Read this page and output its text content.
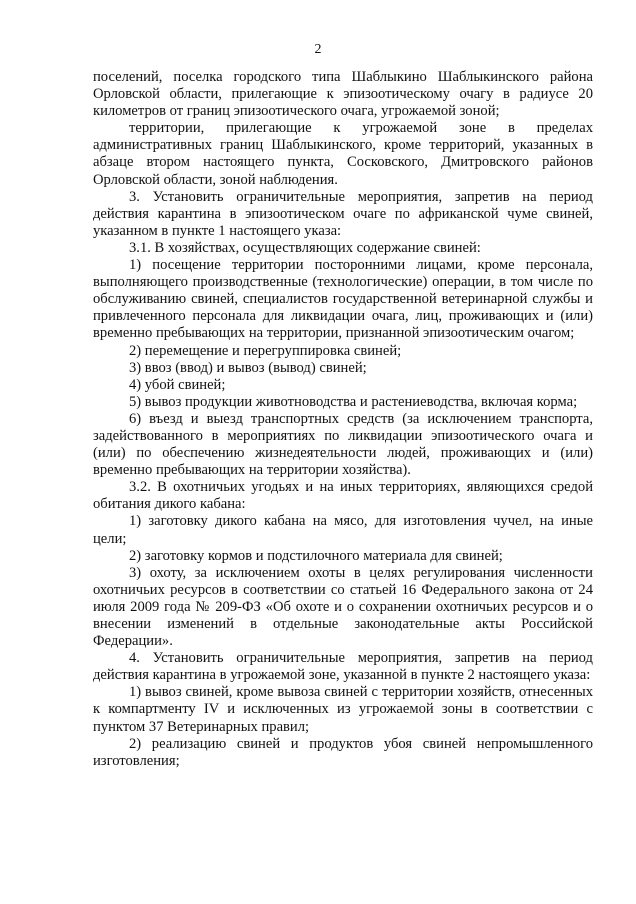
2

поселений, поселка городского типа Шаблыкино Шаблыкинского района Орловской области, прилегающие к эпизоотическому очагу в радиусе 20 километров от границ эпизоотического очага, угрожаемой зоной;

территории, прилегающие к угрожаемой зоне в пределах административных границ Шаблыкинского, кроме территорий, указанных в абзаце втором настоящего пункта, Сосковского, Дмитровского районов Орловской области, зоной наблюдения.

3. Установить ограничительные мероприятия, запретив на период действия карантина в эпизоотическом очаге по африканской чуме свиней, указанном в пункте 1 настоящего указа:

3.1. В хозяйствах, осуществляющих содержание свиней:

1) посещение территории посторонними лицами, кроме персонала, выполняющего производственные (технологические) операции, в том числе по обслуживанию свиней, специалистов государственной ветеринарной службы и привлеченного персонала для ликвидации очага, лиц, проживающих и (или) временно пребывающих на территории, признанной эпизоотическим очагом;

2) перемещение и перегруппировка свиней;

3) ввоз (ввод) и вывоз (вывод) свиней;

4) убой свиней;

5) вывоз продукции животноводства и растениеводства, включая корма;

6) въезд и выезд транспортных средств (за исключением транспорта, задействованного в мероприятиях по ликвидации эпизоотического очага и (или) по обеспечению жизнедеятельности людей, проживающих и (или) временно пребывающих на территории хозяйства).

3.2. В охотничьих угодьях и на иных территориях, являющихся средой обитания дикого кабана:

1) заготовку дикого кабана на мясо, для изготовления чучел, на иные цели;

2) заготовку кормов и подстилочного материала для свиней;

3) охоту, за исключением охоты в целях регулирования численности охотничьих ресурсов в соответствии со статьей 16 Федерального закона от 24 июля 2009 года № 209-ФЗ «Об охоте и о сохранении охотничьих ресурсов и о внесении изменений в отдельные законодательные акты Российской Федерации».

4. Установить ограничительные мероприятия, запретив на период действия карантина в угрожаемой зоне, указанной в пункте 2 настоящего указа:

1) вывоз свиней, кроме вывоза свиней с территории хозяйств, отнесенных к компартменту IV и исключенных из угрожаемой зоны в соответствии с пунктом 37 Ветеринарных правил;

2) реализацию свиней и продуктов убоя свиней непромышленного изготовления;
